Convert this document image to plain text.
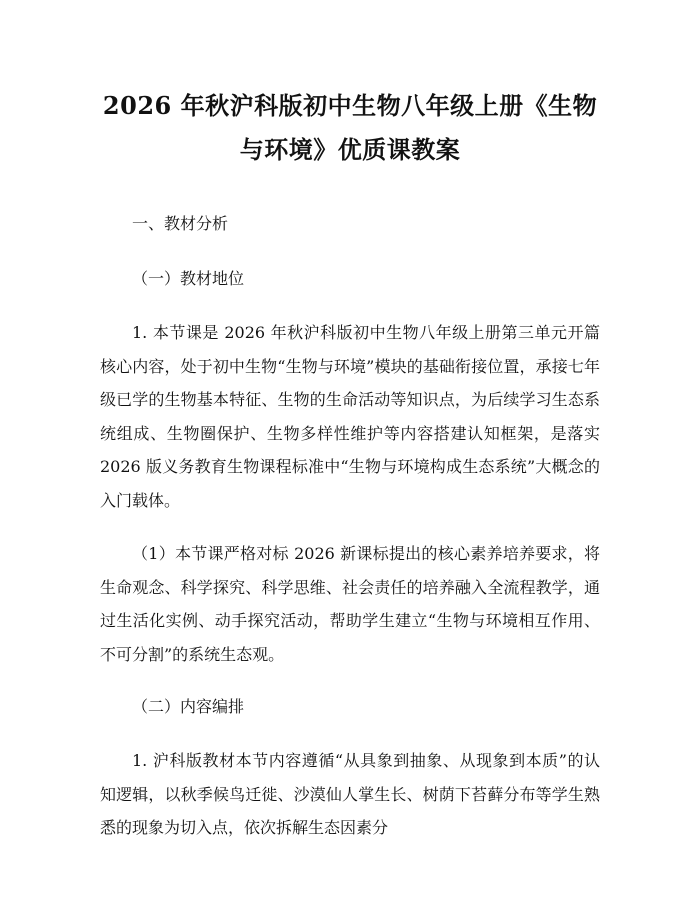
2026 年秋沪科版初中生物八年级上册《生物
与环境》优质课教案

一、教材分析

（一）教材地位

1. 本节课是 2026 年秋沪科版初中生物八年级上册第三单元开篇核心内容，处于初中生物“生物与环境”模块的基础衔接位置，承接七年级已学的生物基本特征、生物的生命活动等知识点，为后续学习生态系统组成、生物圈保护、生物多样性维护等内容搭建认知框架，是落实 2026 版义务教育生物课程标准中“生物与环境构成生态系统”大概念的入门载体。

（1）本节课严格对标 2026 新课标提出的核心素养培养要求，将生命观念、科学探究、科学思维、社会责任的培养融入全流程教学，通过生活化实例、动手探究活动，帮助学生建立“生物与环境相互作用、不可分割”的系统生态观。

（二）内容编排

1. 沪科版教材本节内容遵循“从具象到抽象、从现象到本质”的认知逻辑，以秋季候鸟迁徙、沙漠仙人掌生长、树荫下苔藓分布等学生熟悉的现象为切入点，依次拆解生态因素分
